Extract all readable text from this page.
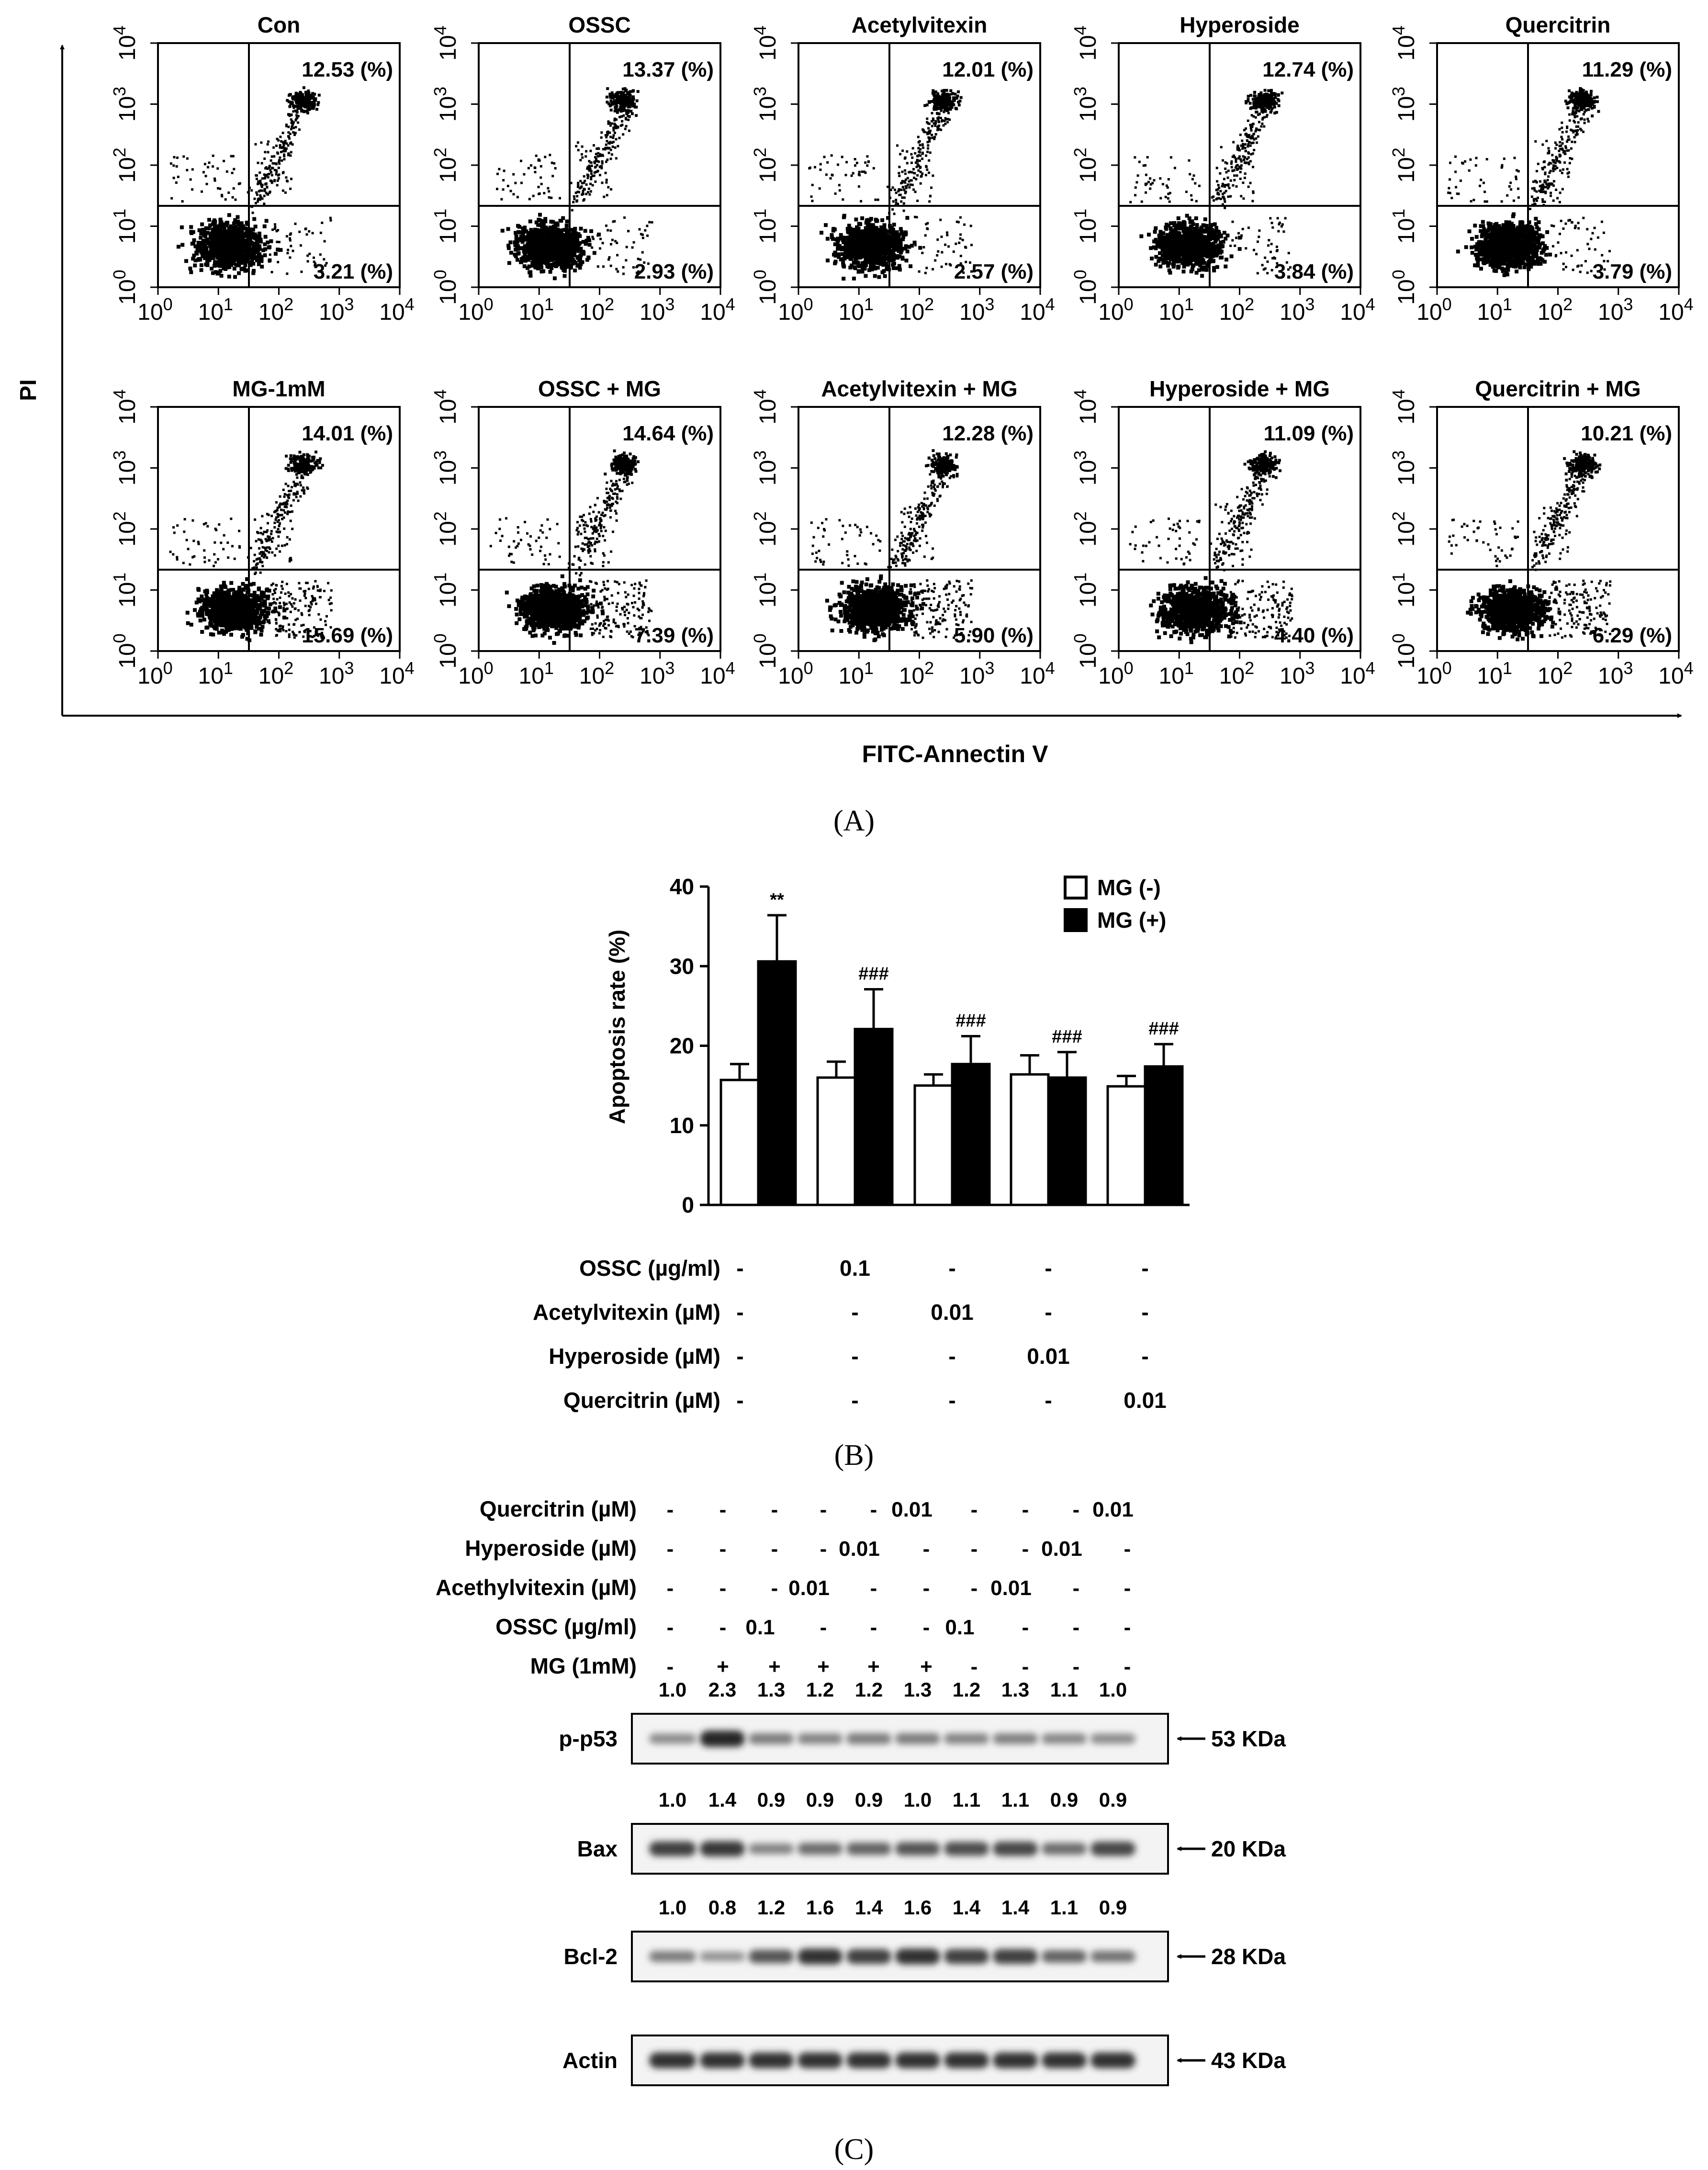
PI
FITC-Annectin V
Con
12.53 (%)
3.21 (%)
$10^0$
$10^0$
$10^1$
$10^1$
$10^2$
$10^2$
$10^3$
$10^3$
$10^4$
$10^4$	OSSC
13.37 (%)
2.93 (%)
$10^0$
$10^0$
$10^1$
$10^1$
$10^2$
$10^2$
$10^3$
$10^3$
$10^4$
$10^4$	Acetylvitexin
12.01 (%)
2.57 (%)
$10^0$
$10^0$
$10^1$
$10^1$
$10^2$
$10^2$
$10^3$
$10^3$
$10^4$
$10^4$	Hyperoside
12.74 (%)
3.84 (%)
$10^0$
$10^0$
$10^1$
$10^1$
$10^2$
$10^2$
$10^3$
$10^3$
$10^4$
$10^4$	Quercitrin
11.29 (%)
3.79 (%)
$10^0$
$10^0$
$10^1$
$10^1$
$10^2$
$10^2$
$10^3$
$10^3$
$10^4$
$10^4$
MG-1mM
14.01 (%)
15.69 (%)
$10^0$
$10^0$
$10^1$
$10^1$
$10^2$
$10^2$
$10^3$
$10^3$
$10^4$
$10^4$	OSSC + MG
14.64 (%)
7.39 (%)
$10^0$
$10^0$
$10^1$
$10^1$
$10^2$
$10^2$
$10^3$
$10^3$
$10^4$
$10^4$	Acetylvitexin + MG
12.28 (%)
5.90 (%)
$10^0$
$10^0$
$10^1$
$10^1$
$10^2$
$10^2$
$10^3$
$10^3$
$10^4$
$10^4$	Hyperoside + MG
11.09 (%)
4.40 (%)
$10^0$
$10^0$
$10^1$
$10^1$
$10^2$
$10^2$
$10^3$
$10^3$
$10^4$
$10^4$	Quercitrin + MG
10.21 (%)
6.29 (%)
$10^0$
$10^0$
$10^1$
$10^1$
$10^2$
$10^2$
$10^3$
$10^3$
$10^4$
$10^4$
(A)
Apoptosis rate (%)
0
10
20
30
40
**
###
###
###	###
MG (-)
MG (+)
OSSC (µg/ml) -	0.1	-	-	-
Acetylvitexin (µM) -	-	0.01	-	-
Hyperoside (µM) -	-	-	0.01	-
Quercitrin (µM) -	-	-	-	0.01
(B)
Quercitrin (µM) - - - - - 0.01 - - - 0.01
Hyperoside (µM) - - - - 0.01 - - - 0.01 -
Acethylvitexin (µM) - - - 0.01 - - - 0.01 - -
OSSC (µg/ml) - - 0.1 - - - 0.1 - - -
MG (1mM) - + + + + + - - - -
1.0 2.3 1.3 1.2 1.2 1.3 1.2 1.3 1.1 1.0
p-p53	53 KDa
1.0 1.4 0.9 0.9 0.9 1.0 1.1 1.1 0.9 0.9
Bax	20 KDa
1.0 0.8 1.2 1.6 1.4 1.6 1.4 1.4 1.1 0.9
Bcl-2	28 KDa
Actin	43 KDa
(C)
